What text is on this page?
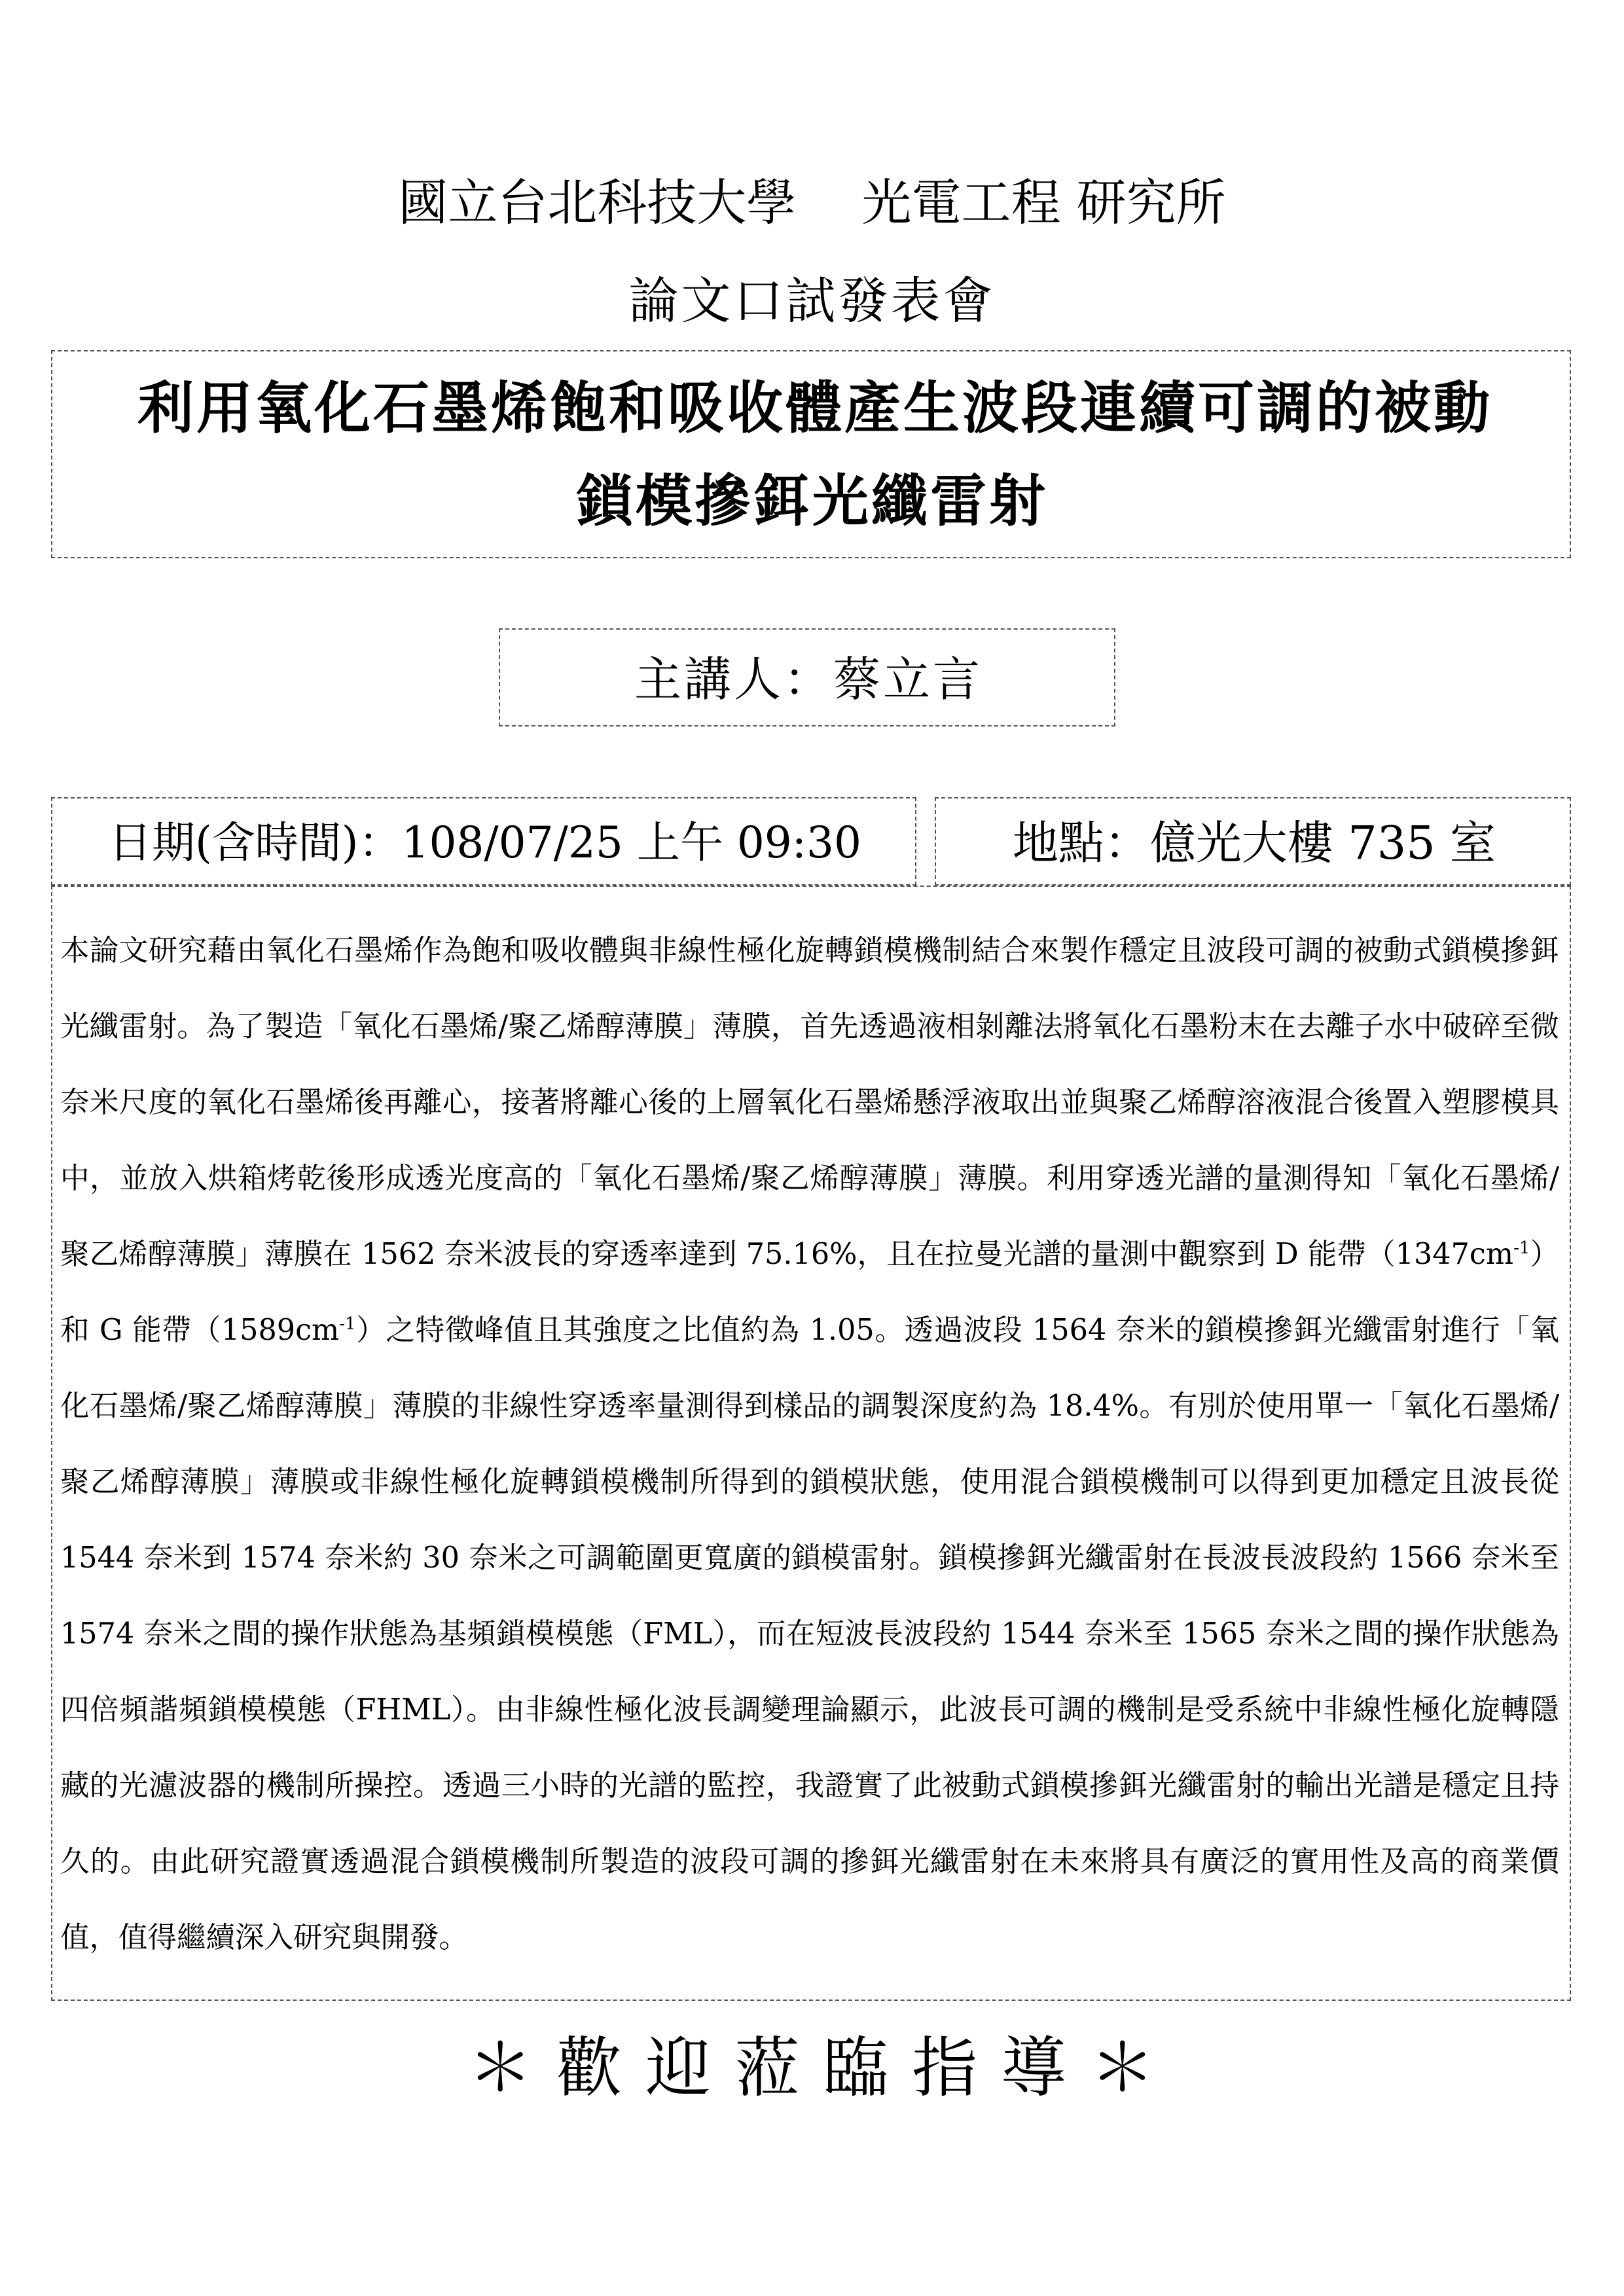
國立台北科技大學　 光電工程 研究所
論文口試發表會
利用氧化石墨烯飽和吸收體產生波段連續可調的被動
鎖模摻鉺光纖雷射
主講人：蔡立言
日期(含時間)：108/07/25 上午 09:30	地點：億光大樓 735 室
本論文研究藉由氧化石墨烯作為飽和吸收體與非線性極化旋轉鎖模機制結合來製作穩定且波段可調的被動式鎖模摻鉺光纖雷射。為了製造「氧化石墨烯/聚乙烯醇薄膜」薄膜，首先透過液相剝離法將氧化石墨粉末在去離子水中破碎至微奈米尺度的氧化石墨烯後再離心，接著將離心後的上層氧化石墨烯懸浮液取出並與聚乙烯醇溶液混合後置入塑膠模具中，並放入烘箱烤乾後形成透光度高的「氧化石墨烯/聚乙烯醇薄膜」薄膜。利用穿透光譜的量測得知「氧化石墨烯/聚乙烯醇薄膜」薄膜在 1562 奈米波長的穿透率達到 75.16%，且在拉曼光譜的量測中觀察到 D 能帶$(1347cm^{-1})$和 G 能帶$(1589cm^{-1})$之特徵峰值且其強度之比值約為 1.05。透過波段 1564 奈米的鎖模摻鉺光纖雷射進行「氧化石墨烯/聚乙烯醇薄膜」薄膜的非線性穿透率量測得到樣品的調製深度約為 18.4%。有別於使用單一「氧化石墨烯/聚乙烯醇薄膜」薄膜或非線性極化旋轉鎖模機制所得到的鎖模狀態，使用混合鎖模機制可以得到更加穩定且波長從 1544 奈米到 1574 奈米約 30 奈米之可調範圍更寬廣的鎖模雷射。鎖模摻鉺光纖雷射在長波長波段約 1566 奈米至 1574 奈米之間的操作狀態為基頻鎖模模態（FML），而在短波長波段約 1544 奈米至 1565 奈米之間的操作狀態為四倍頻諧頻鎖模模態（FHML）。由非線性極化波長調變理論顯示，此波長可調的機制是受系統中非線性極化旋轉隱藏的光濾波器的機制所操控。透過三小時的光譜的監控，我證實了此被動式鎖模摻鉺光纖雷射的輸出光譜是穩定且持久的。由此研究證實透過混合鎖模機制所製造的波段可調的摻鉺光纖雷射在未來將具有廣泛的實用性及高的商業價值，值得繼續深入研究與開發。
＊ 歡 迎 蒞 臨 指 導 ＊
